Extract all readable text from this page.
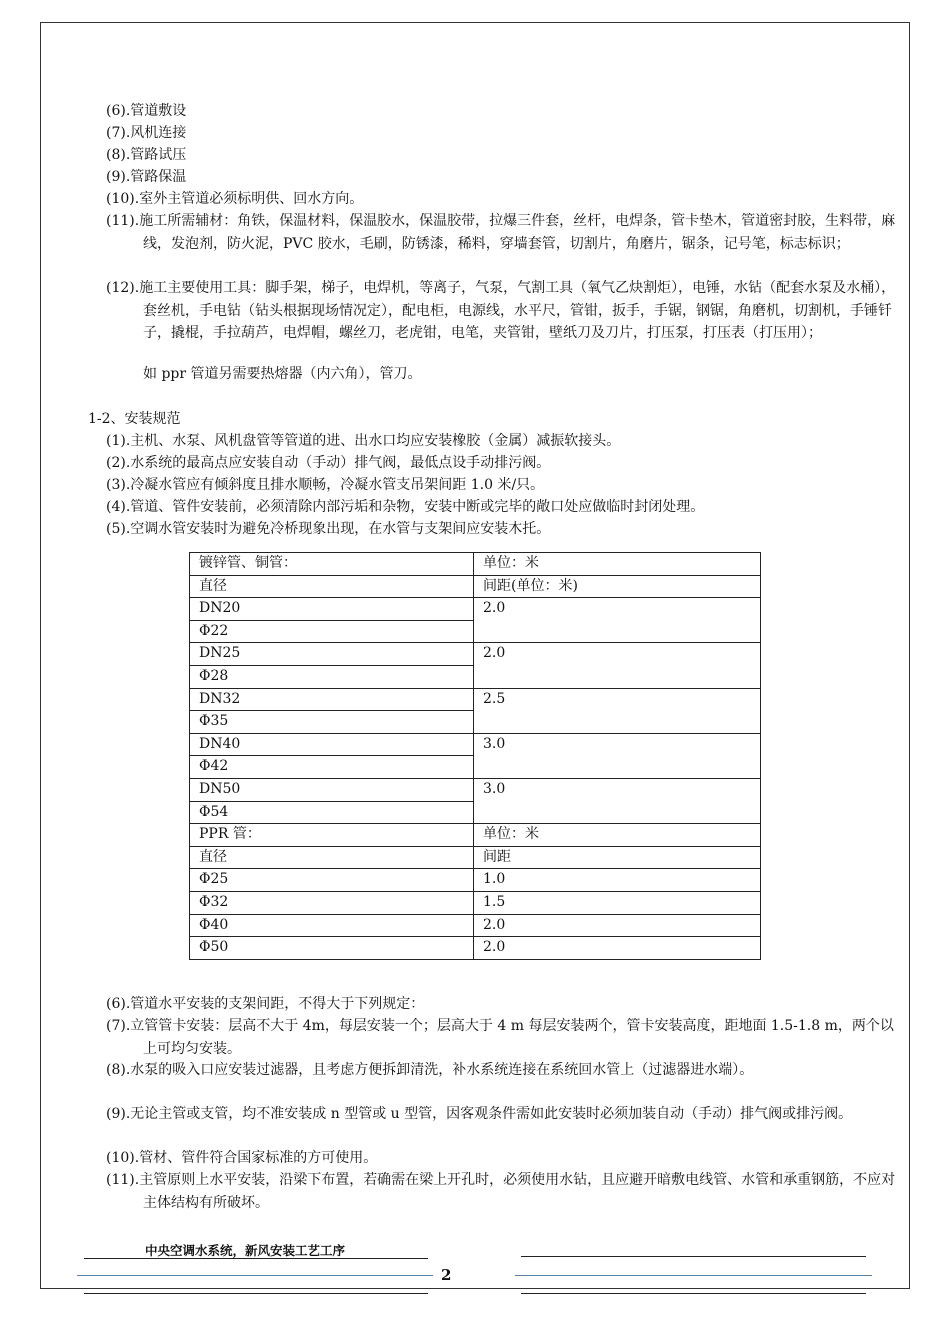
(6).管道敷设
(7).风机连接
(8).管路试压
(9).管路保温
(10).室外主管道必须标明供、回水方向。
(11).施工所需辅材：角铁，保温材料，保温胶水，保温胶带，拉爆三件套，丝杆，电焊条，管卡垫木，管道密封胶，生料带，麻线，发泡剂，防火泥，PVC 胶水，毛刷，防锈漆，稀料，穿墙套管，切割片，角磨片，锯条，记号笔，标志标识；
(12).施工主要使用工具：脚手架，梯子，电焊机，等离子，气泵，气割工具（氧气乙炔割炬），电锤，水钻（配套水泵及水桶），套丝机，手电钻（钻头根据现场情况定），配电柜，电源线，水平尺，管钳，扳手，手锯，钢锯，角磨机，切割机，手锤钎子，撬棍，手拉葫芦，电焊帽，螺丝刀，老虎钳，电笔，夹管钳，壁纸刀及刀片，打压泵，打压表（打压用）；
如 ppr 管道另需要热熔器（内六角），管刀。
1-2、安装规范
(1).主机、水泵、风机盘管等管道的进、出水口均应安装橡胶（金属）减振软接头。
(2).水系统的最高点应安装自动（手动）排气阀，最低点设手动排污阀。
(3).冷凝水管应有倾斜度且排水顺畅，冷凝水管支吊架间距 1.0 米/只。
(4).管道、管件安装前，必须清除内部污垢和杂物，安装中断或完毕的敞口处应做临时封闭处理。
(5).空调水管安装时为避免冷桥现象出现，在水管与支架间应安装木托。
镀锌管、铜管：	单位：米
直径	间距(单位：米)
DN20	2.0
Φ22	
DN25	2.0
Φ28	
DN32	2.5
Φ35	
DN40	3.0
Φ42	
DN50	3.0
Φ54	
PPR 管：	单位：米
直径	间距
Φ25	1.0
Φ32	1.5
Φ40	2.0
Φ50	2.0
(6).管道水平安装的支架间距，不得大于下列规定：
(7).立管管卡安装：层高不大于 4m，每层安装一个；层高大于 4 m 每层安装两个，管卡安装高度，距地面 1.5-1.8 m，两个以上可均匀安装。
(8).水泵的吸入口应安装过滤器，且考虑方便拆卸清洗，补水系统连接在系统回水管上（过滤器进水端）。
(9).无论主管或支管，均不准安装成 n 型管或 u 型管，因客观条件需如此安装时必须加装自动（手动）排气阀或排污阀。
(10).管材、管件符合国家标准的方可使用。
(11).主管原则上水平安装，沿梁下布置，若确需在梁上开孔时，必须使用水钻，且应避开暗敷电线管、水管和承重钢筋，不应对主体结构有所破坏。
中央空调水系统，新风安装工艺工序
2
